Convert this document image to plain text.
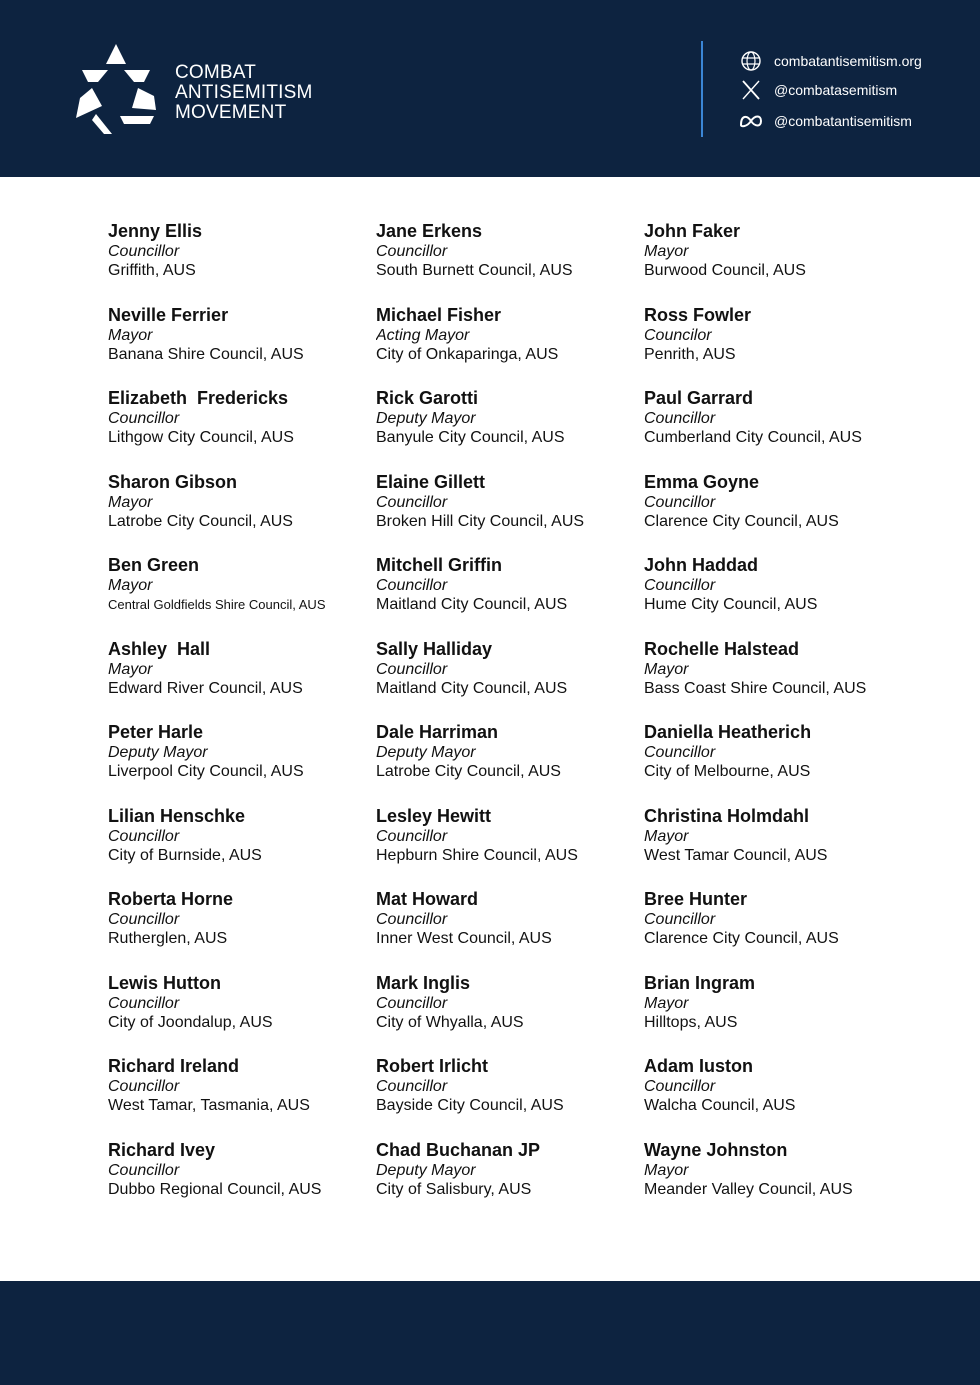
COMBAT
ANTISEMITISM
MOVEMENT
combatantisemitism.org
@combatasemitism
@combatantisemitism
Jenny Ellis
Councillor
Griffith, AUS
Jane Erkens
Councillor
South Burnett Council, AUS
John Faker
Mayor
Burwood Council, AUS
Neville Ferrier
Mayor
Banana Shire Council, AUS
Michael Fisher
Acting Mayor
City of Onkaparinga, AUS
Ross Fowler
Councilor
Penrith, AUS
Elizabeth  Fredericks
Councillor
Lithgow City Council, AUS
Rick Garotti
Deputy Mayor
Banyule City Council, AUS
Paul Garrard
Councillor
Cumberland City Council, AUS
Sharon Gibson
Mayor
Latrobe City Council, AUS
Elaine Gillett
Councillor
Broken Hill City Council, AUS
Emma Goyne
Councillor
Clarence City Council, AUS
Ben Green
Mayor
Central Goldfields Shire Council, AUS
Mitchell Griffin
Councillor
Maitland City Council, AUS
John Haddad
Councillor
Hume City Council, AUS
Ashley  Hall
Mayor
Edward River Council, AUS
Sally Halliday
Councillor
Maitland City Council, AUS
Rochelle Halstead
Mayor
Bass Coast Shire Council, AUS
Peter Harle
Deputy Mayor
Liverpool City Council, AUS
Dale Harriman
Deputy Mayor
Latrobe City Council, AUS
Daniella Heatherich
Councillor
City of Melbourne, AUS
Lilian Henschke
Councillor
City of Burnside, AUS
Lesley Hewitt
Councillor
Hepburn Shire Council, AUS
Christina Holmdahl
Mayor
West Tamar Council, AUS
Roberta Horne
Councillor
Rutherglen, AUS
Mat Howard
Councillor
Inner West Council, AUS
Bree Hunter
Councillor
Clarence City Council, AUS
Lewis Hutton
Councillor
City of Joondalup, AUS
Mark Inglis
Councillor
City of Whyalla, AUS
Brian Ingram
Mayor
Hilltops, AUS
Richard Ireland
Councillor
West Tamar, Tasmania, AUS
Robert Irlicht
Councillor
Bayside City Council, AUS
Adam Iuston
Councillor
Walcha Council, AUS
Richard Ivey
Councillor
Dubbo Regional Council, AUS
Chad Buchanan JP
Deputy Mayor
City of Salisbury, AUS
Wayne Johnston
Mayor
Meander Valley Council, AUS
